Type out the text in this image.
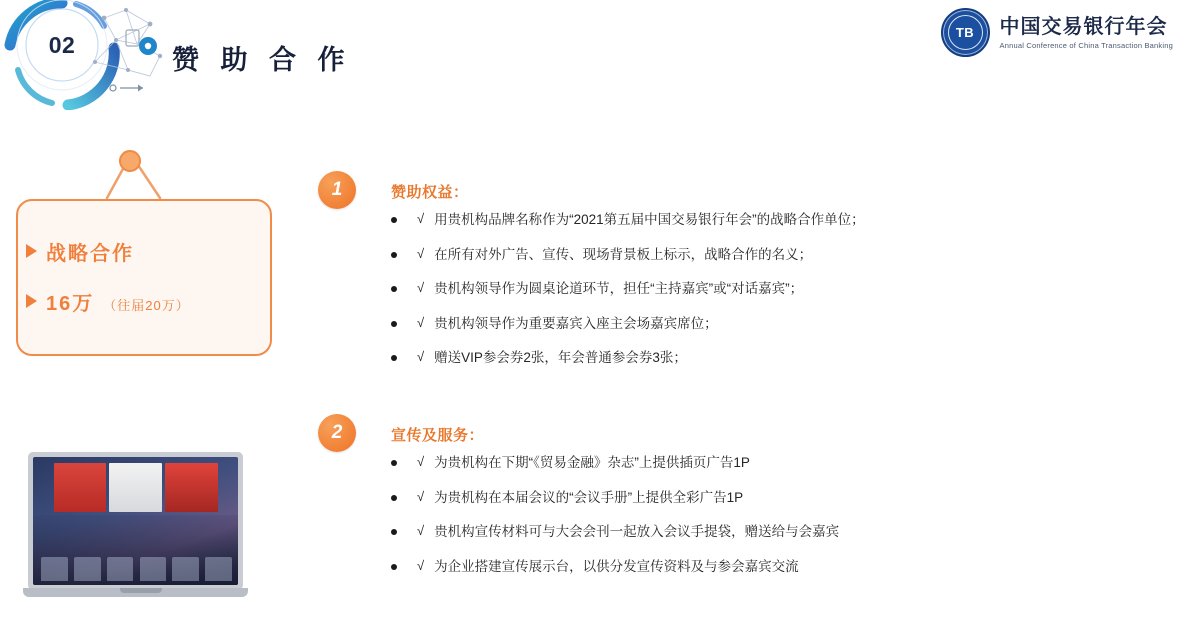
02
赞 助 合 作
TB 中国交易银行年会
Annual Conference of China Transaction Banking
战略合作
16万 （往届20万）
1	赞助权益：
√ 用贵机构品牌名称作为“2021第五届中国交易银行年会”的战略合作单位；
√ 在所有对外广告、宣传、现场背景板上标示，战略合作的名义；
√ 贵机构领导作为圆桌论道环节，担任“主持嘉宾”或“对话嘉宾”；
√ 贵机构领导作为重要嘉宾入座主会场嘉宾席位；
√ 赠送VIP参会券2张，年会普通参会券3张；
2	宣传及服务：
√ 为贵机构在下期“《贸易金融》杂志”上提供插页广告1P
√ 为贵机构在本届会议的“会议手册”上提供全彩广告1P
√ 贵机构宣传材料可与大会会刊一起放入会议手提袋，赠送给与会嘉宾
√ 为企业搭建宣传展示台，以供分发宣传资料及与参会嘉宾交流
